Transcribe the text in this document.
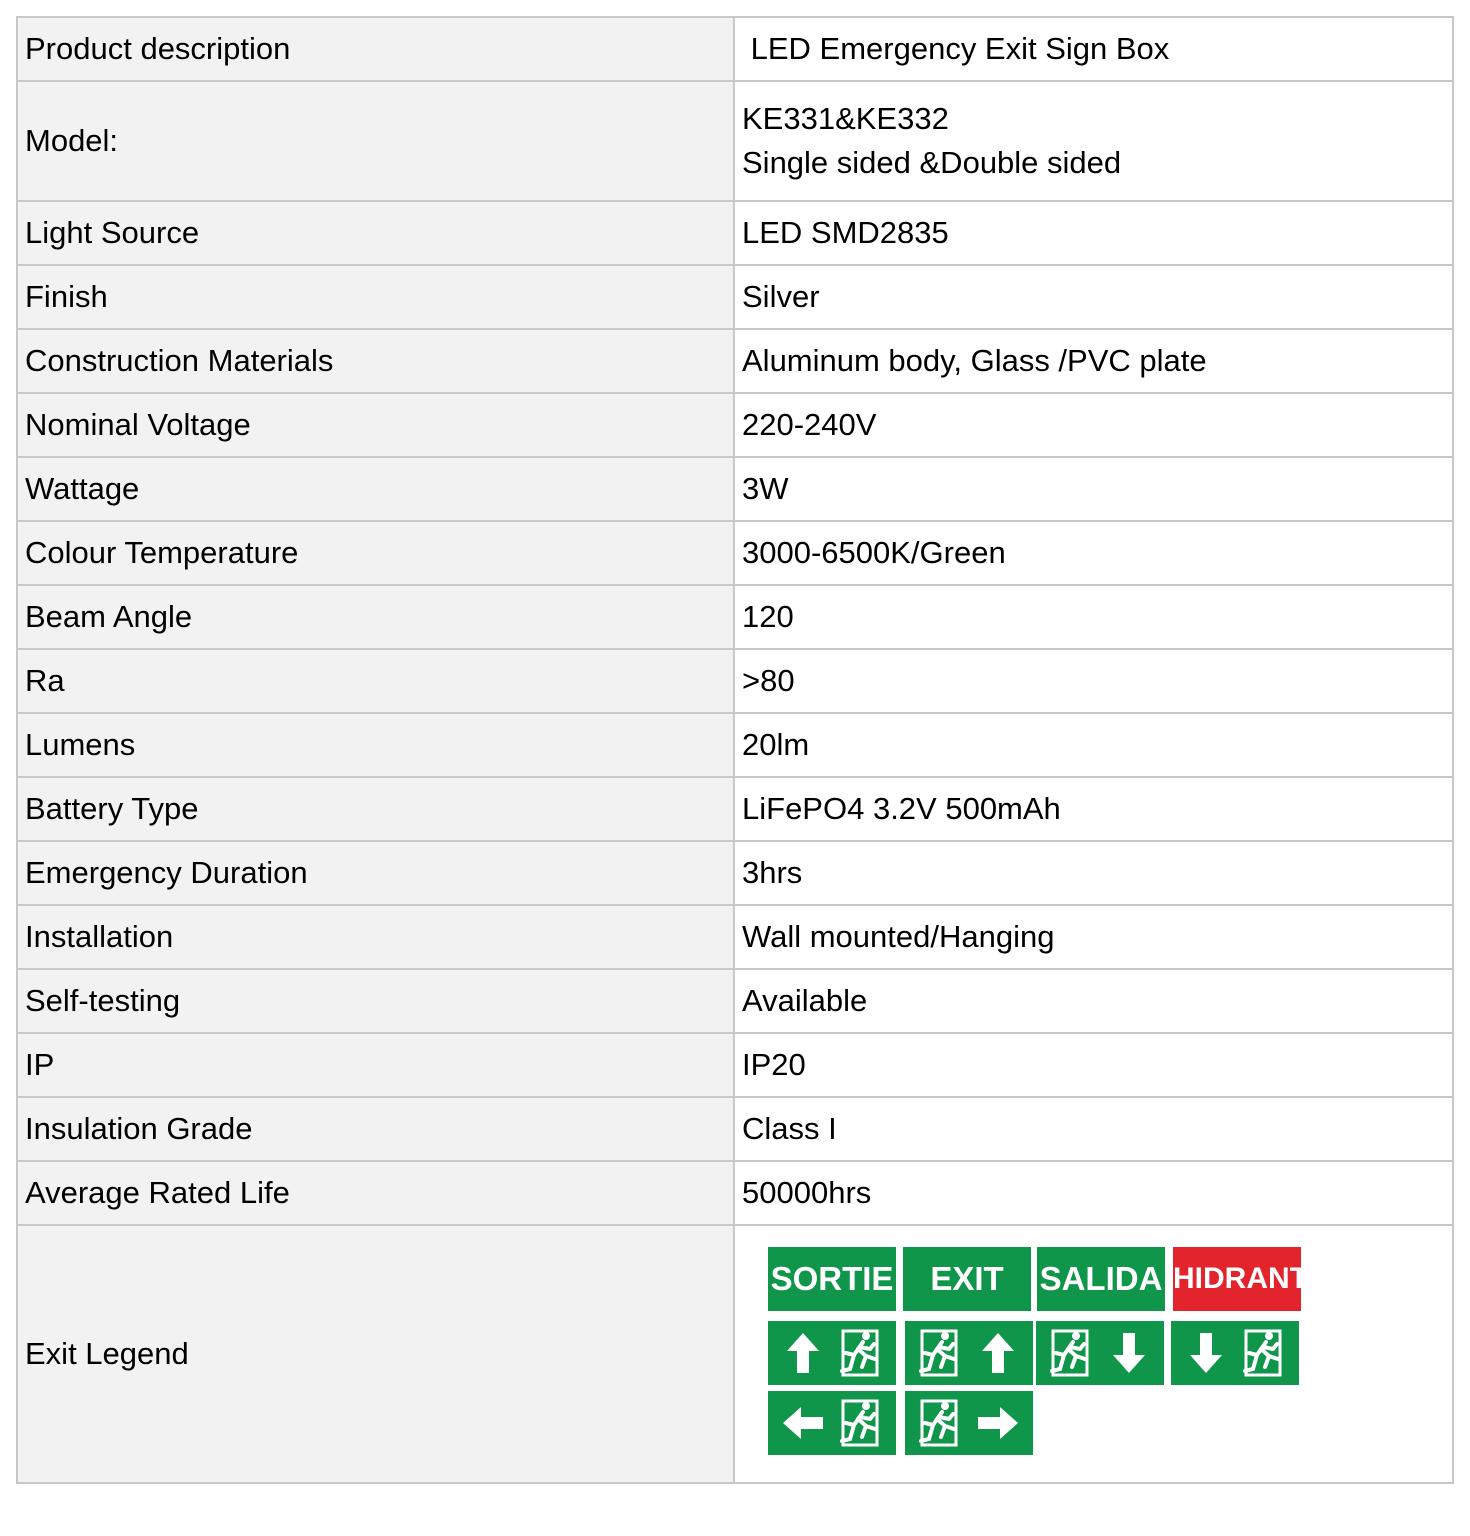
Product description	LED Emergency Exit Sign Box
Model:	KE331&KE332
Single sided &Double sided

Light Source	LED SMD2835
Finish	Silver
Construction Materials	Aluminum body, Glass /PVC plate
Nominal Voltage	220-240V
Wattage	3W
Colour Temperature	3000-6500K/Green
Beam Angle	120
Ra	>80
Lumens	20lm
Battery Type	LiFePO4 3.2V 500mAh
Emergency Duration	3hrs
Installation	Wall mounted/Hanging
Self-testing	Available
IP	IP20
Insulation Grade	Class I
Average Rated Life	50000hrs
Exit Legend	SORTIE EXIT SALIDA HIDRANT
